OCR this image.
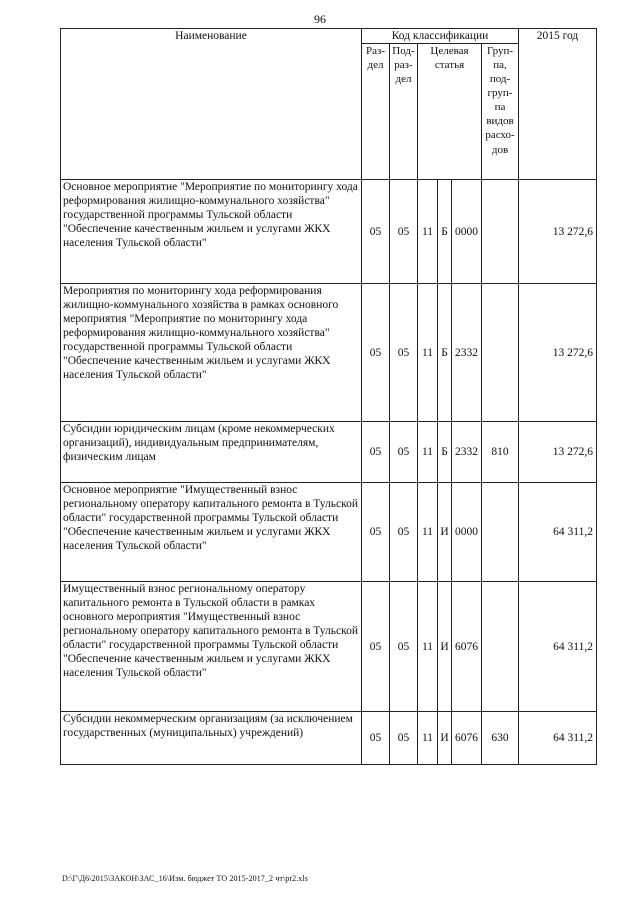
96
Наименование	Код классификации						2015 год
	Раз-дел	Под-раз-дел	Целевая статья			Груп-па, под-груп-па видов расхо-дов	
Основное мероприятие "Мероприятие по мониторингу хода реформирования жилищно-коммунального хозяйства" государственной программы Тульской области "Обеспечение качественным жильем и услугами ЖКХ населения Тульской области"	05	05	11	Б	0000		13 272,6
Мероприятия по мониторингу хода реформирования жилищно-коммунального хозяйства в рамках основного мероприятия "Мероприятие по мониторингу хода реформирования жилищно-коммунального хозяйства" государственной программы Тульской области "Обеспечение качественным жильем и услугами ЖКХ населения Тульской области"	05	05	11	Б	2332		13 272,6
Субсидии юридическим лицам (кроме некоммерческих организаций), индивидуальным предпринимателям, физическим лицам	05	05	11	Б	2332	810	13 272,6
Основное мероприятие "Имущественный взнос региональному оператору капитального ремонта в Тульской области" государственной программы Тульской области "Обеспечение качественным жильем и услугами ЖКХ населения Тульской области"	05	05	11	И	0000		64 311,2
Имущественный взнос региональному оператору капитального ремонта в Тульской области в рамках основного мероприятия "Имущественный взнос региональному оператору капитального ремонта в Тульской области" государственной программы Тульской области "Обеспечение качественным жильем и услугами ЖКХ населения Тульской области"	05	05	11	И	6076		64 311,2
Субсидии некоммерческим организациям (за исключением государственных (муниципальных) учреждений)	05	05	11	И	6076	630	64 311,2
D:\Г\Д6\2015\ЗАКОН\ЗАС_16\Изм. бюджет ТО 2015-2017_2 чт\pr2.xls
